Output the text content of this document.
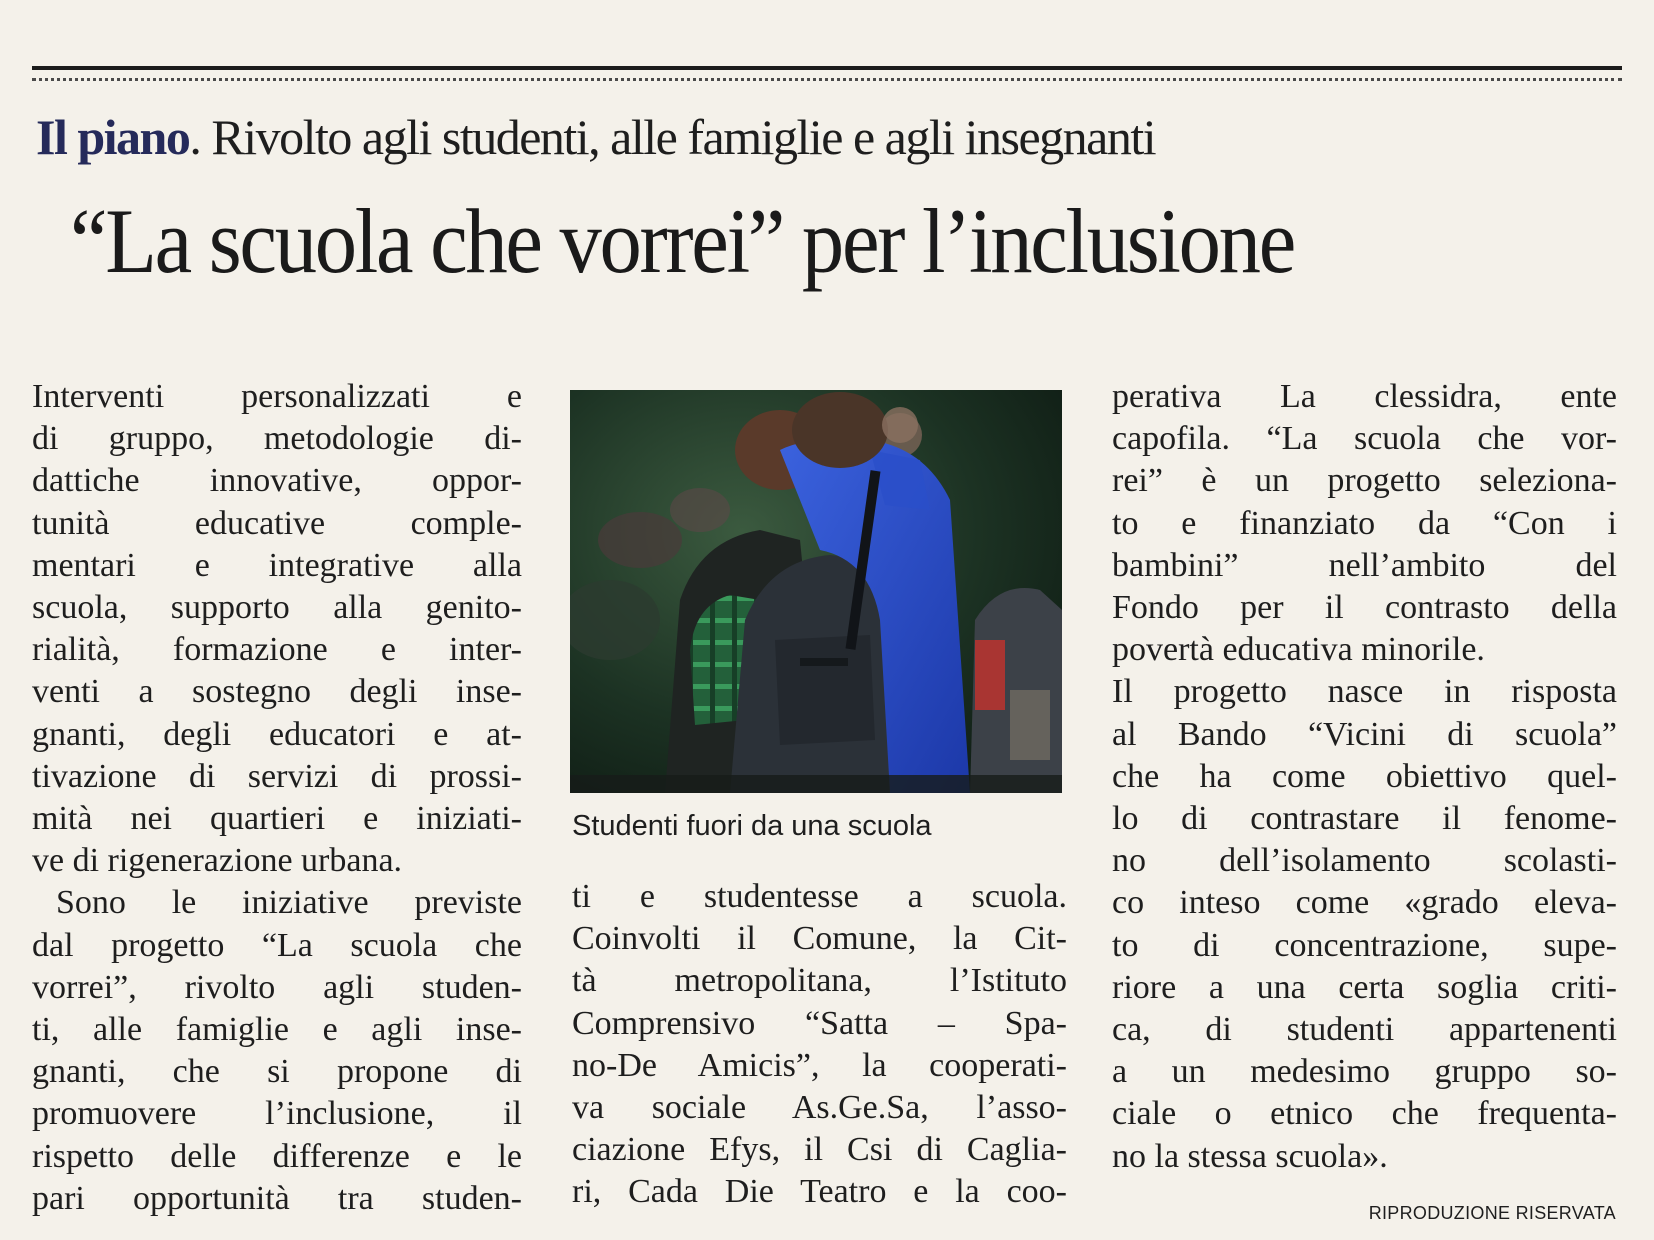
Il piano. Rivolto agli studenti, alle famiglie e agli insegnanti

“La scuola che vorrei” per l’inclusione
Interventi personalizzati e
di gruppo, metodologie di-
dattiche innovative, oppor-
tunità educative comple-
mentari e integrative alla
scuola, supporto alla genito-
rialità, formazione e inter-
venti a sostegno degli inse-
gnanti, degli educatori e at-
tivazione di servizi di prossi-
mità nei quartieri e iniziati-
ve di rigenerazione urbana.
Sono le iniziative previste
dal progetto “La scuola che
vorrei”, rivolto agli studen-
ti, alle famiglie e agli inse-
gnanti, che si propone di
promuovere l’inclusione, il
rispetto delle differenze e le
pari opportunità tra studen-

Studenti fuori da una scuola

ti e studentesse a scuola.
Coinvolti il Comune, la Cit-
tà metropolitana, l’Istituto
Comprensivo “Satta – Spa-
no-De Amicis”, la cooperati-
va sociale As.Ge.Sa, l’asso-
ciazione Efys, il Csi di Caglia-
ri, Cada Die Teatro e la coo-
perativa La clessidra, ente
capofila. “La scuola che vor-
rei” è un progetto seleziona-
to e finanziato da “Con i
bambini” nell’ambito del
Fondo per il contrasto della
povertà educativa minorile.
Il progetto nasce in risposta
al Bando “Vicini di scuola”
che ha come obiettivo quel-
lo di contrastare il fenome-
no dell’isolamento scolasti-
co inteso come «grado eleva-
to di concentrazione, supe-
riore a una certa soglia criti-
ca, di studenti appartenenti
a un medesimo gruppo so-
ciale o etnico che frequenta-
no la stessa scuola».

RIPRODUZIONE RISERVATA
